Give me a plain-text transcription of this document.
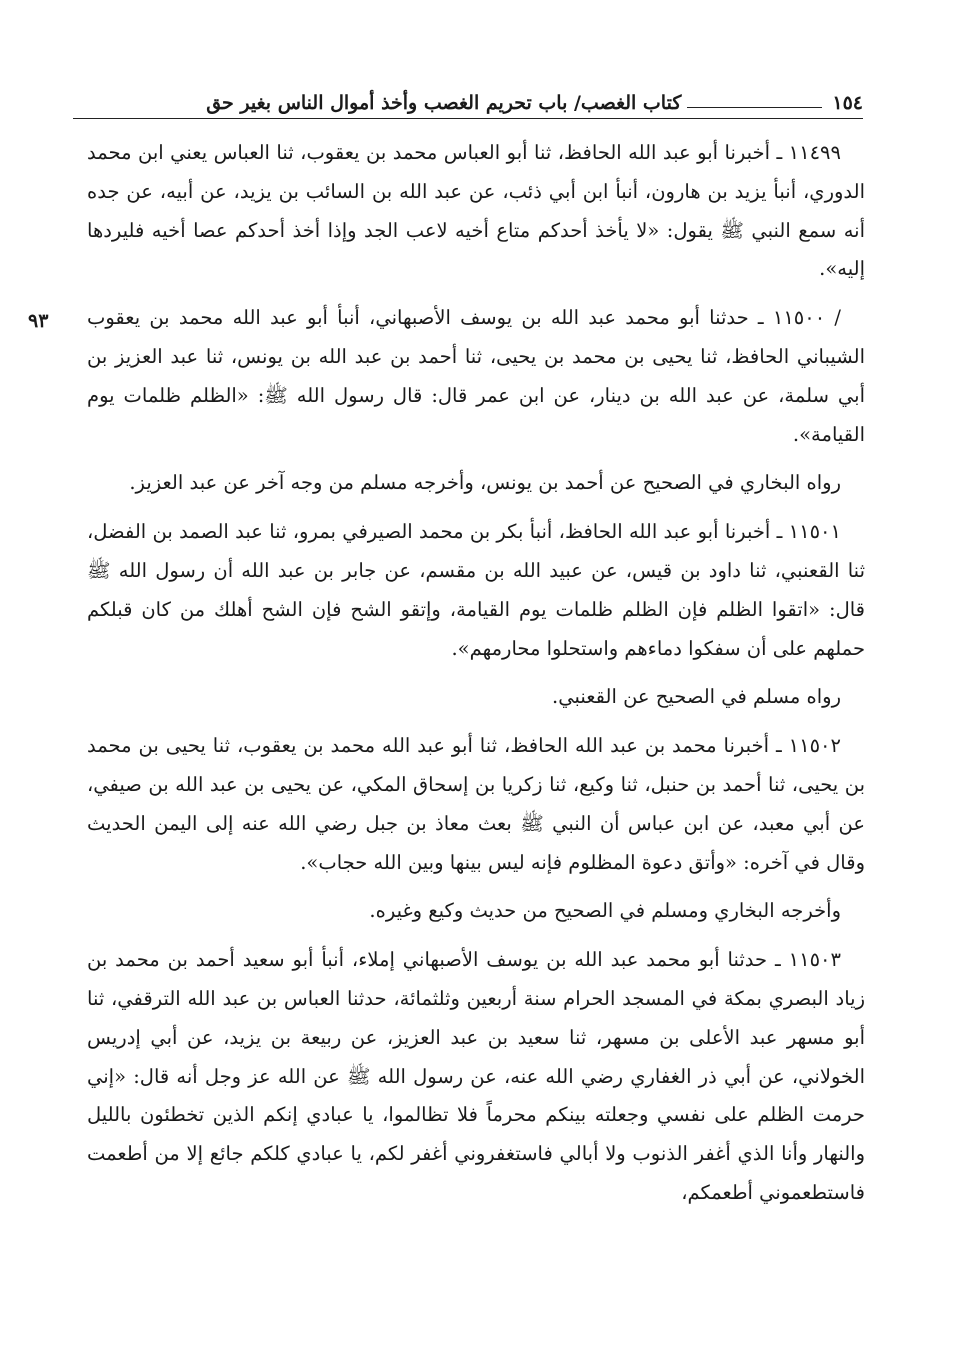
١٥٤
كتاب الغصب/ باب تحريم الغصب وأخذ أموال الناس بغير حق
٩٣

١١٤٩٩ ـ أخبرنا أبو عبد الله الحافظ، ثنا أبو العباس محمد بن يعقوب، ثنا العباس يعني ابن محمد الدوري، أنبأ يزيد بن هارون، أنبأ ابن أبي ذئب، عن عبد الله بن السائب بن يزيد، عن أبيه، عن جده أنه سمع النبي ﷺ يقول: «لا يأخذ أحدكم متاع أخيه لاعب الجد وإذا أخذ أحدكم عصا أخيه فليردها إليه».

/ ١١٥٠٠ ـ حدثنا أبو محمد عبد الله بن يوسف الأصبهاني، أنبأ أبو عبد الله محمد بن يعقوب الشيباني الحافظ، ثنا يحيى بن محمد بن يحيى، ثنا أحمد بن عبد الله بن يونس، ثنا عبد العزيز بن أبي سلمة، عن عبد الله بن دينار، عن ابن عمر قال: قال رسول الله ﷺ: «الظلم ظلمات يوم القيامة».

رواه البخاري في الصحيح عن أحمد بن يونس، وأخرجه مسلم من وجه آخر عن عبد العزيز.

١١٥٠١ ـ أخبرنا أبو عبد الله الحافظ، أنبأ بكر بن محمد الصيرفي بمرو، ثنا عبد الصمد بن الفضل، ثنا القعنبي، ثنا داود بن قيس، عن عبيد الله بن مقسم، عن جابر بن عبد الله أن رسول الله ﷺ قال: «اتقوا الظلم فإن الظلم ظلمات يوم القيامة، وإتقو الشح فإن الشح أهلك من كان قبلكم حملهم على أن سفكوا دماءهم واستحلوا محارمهم».

رواه مسلم في الصحيح عن القعنبي.

١١٥٠٢ ـ أخبرنا محمد بن عبد الله الحافظ، ثنا أبو عبد الله محمد بن يعقوب، ثنا يحيى بن محمد بن يحيى، ثنا أحمد بن حنبل، ثنا وكيع، ثنا زكريا بن إسحاق المكي، عن يحيى بن عبد الله بن صيفي، عن أبي معبد، عن ابن عباس أن النبي ﷺ بعث معاذ بن جبل رضي الله عنه إلى اليمن الحديث وقال في آخره: «وأتق دعوة المظلوم فإنه ليس بينها وبين الله حجاب».

وأخرجه البخاري ومسلم في الصحيح من حديث وكيع وغيره.

١١٥٠٣ ـ حدثنا أبو محمد عبد الله بن يوسف الأصبهاني إملاء، أنبأ أبو سعيد أحمد بن محمد بن زياد البصري بمكة في المسجد الحرام سنة أربعين وثلثمائة، حدثنا العباس بن عبد الله الترقفي، ثنا أبو مسهر عبد الأعلى بن مسهر، ثنا سعيد بن عبد العزيز، عن ربيعة بن يزيد، عن أبي إدريس الخولاني، عن أبي ذر الغفاري رضي الله عنه، عن رسول الله ﷺ عن الله عز وجل أنه قال: «إني حرمت الظلم على نفسي وجعلته بينكم محرماً فلا تظالموا، يا عبادي إنكم الذين تخطئون بالليل والنهار وأنا الذي أغفر الذنوب ولا أبالي فاستغفروني أغفر لكم، يا عبادي كلكم جائع إلا من أطعمت فاستطعموني أطعمكم،
